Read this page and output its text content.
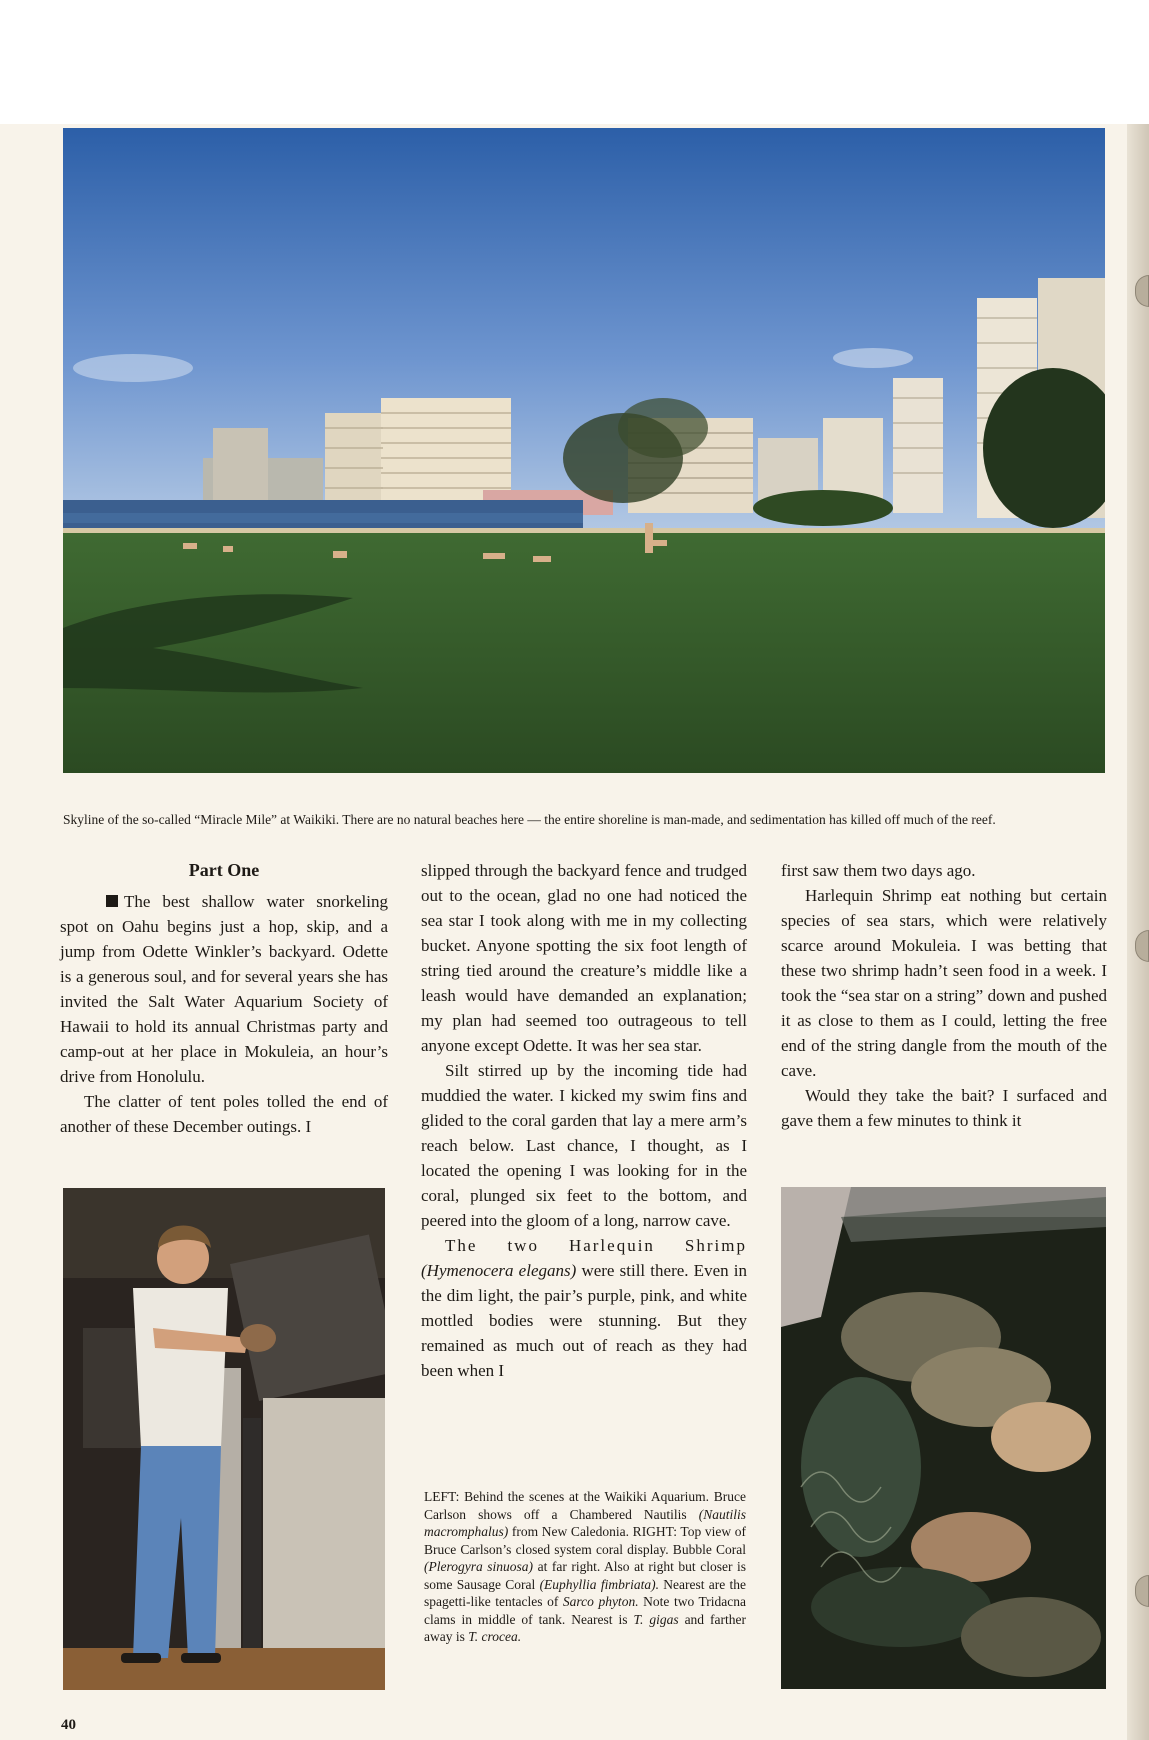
Skyline of the so-called “Miracle Mile” at Waikiki. There are no natural beaches here — the entire shoreline is man-made, and sedimentation has killed off much of the reef.

Part One

The best shallow water snorkeling spot on Oahu begins just a hop, skip, and a jump from Odette Winkler’s backyard. Odette is a generous soul, and for several years she has invited the Salt Water Aquarium Society of Hawaii to hold its annual Christmas party and camp-out at her place in Mokuleia, an hour’s drive from Honolulu.

The clatter of tent poles tolled the end of another of these December outings. I

slipped through the backyard fence and trudged out to the ocean, glad no one had noticed the sea star I took along with me in my collecting bucket. Anyone spotting the six foot length of string tied around the creature’s middle like a leash would have demanded an explanation; my plan had seemed too outrageous to tell anyone except Odette. It was her sea star.

Silt stirred up by the incoming tide had muddied the water. I kicked my swim fins and glided to the coral garden that lay a mere arm’s reach below. Last chance, I thought, as I located the opening I was looking for in the coral, plunged six feet to the bottom, and peered into the gloom of a long, narrow cave.

The two Harlequin Shrimp (Hymenocera elegans) were still there. Even in the dim light, the pair’s purple, pink, and white mottled bodies were stunning. But they remained as much out of reach as they had been when I

LEFT: Behind the scenes at the Waikiki Aquarium. Bruce Carlson shows off a Chambered Nautilis (Nautilis macromphalus) from New Caledonia. RIGHT: Top view of Bruce Carlson’s closed system coral display. Bubble Coral (Plerogyra sinuosa) at far right. Also at right but closer is some Sausage Coral (Euphyllia fimbriata). Nearest are the spagetti-like tentacles of Sarco phyton. Note two Tridacna clams in middle of tank. Nearest is T. gigas and farther away is T. crocea.

first saw them two days ago.

Harlequin Shrimp eat nothing but certain species of sea stars, which were relatively scarce around Mokuleia. I was betting that these two shrimp hadn’t seen food in a week. I took the “sea star on a string” down and pushed it as close to them as I could, letting the free end of the string dangle from the mouth of the cave.

Would they take the bait? I surfaced and gave them a few minutes to think it

40
